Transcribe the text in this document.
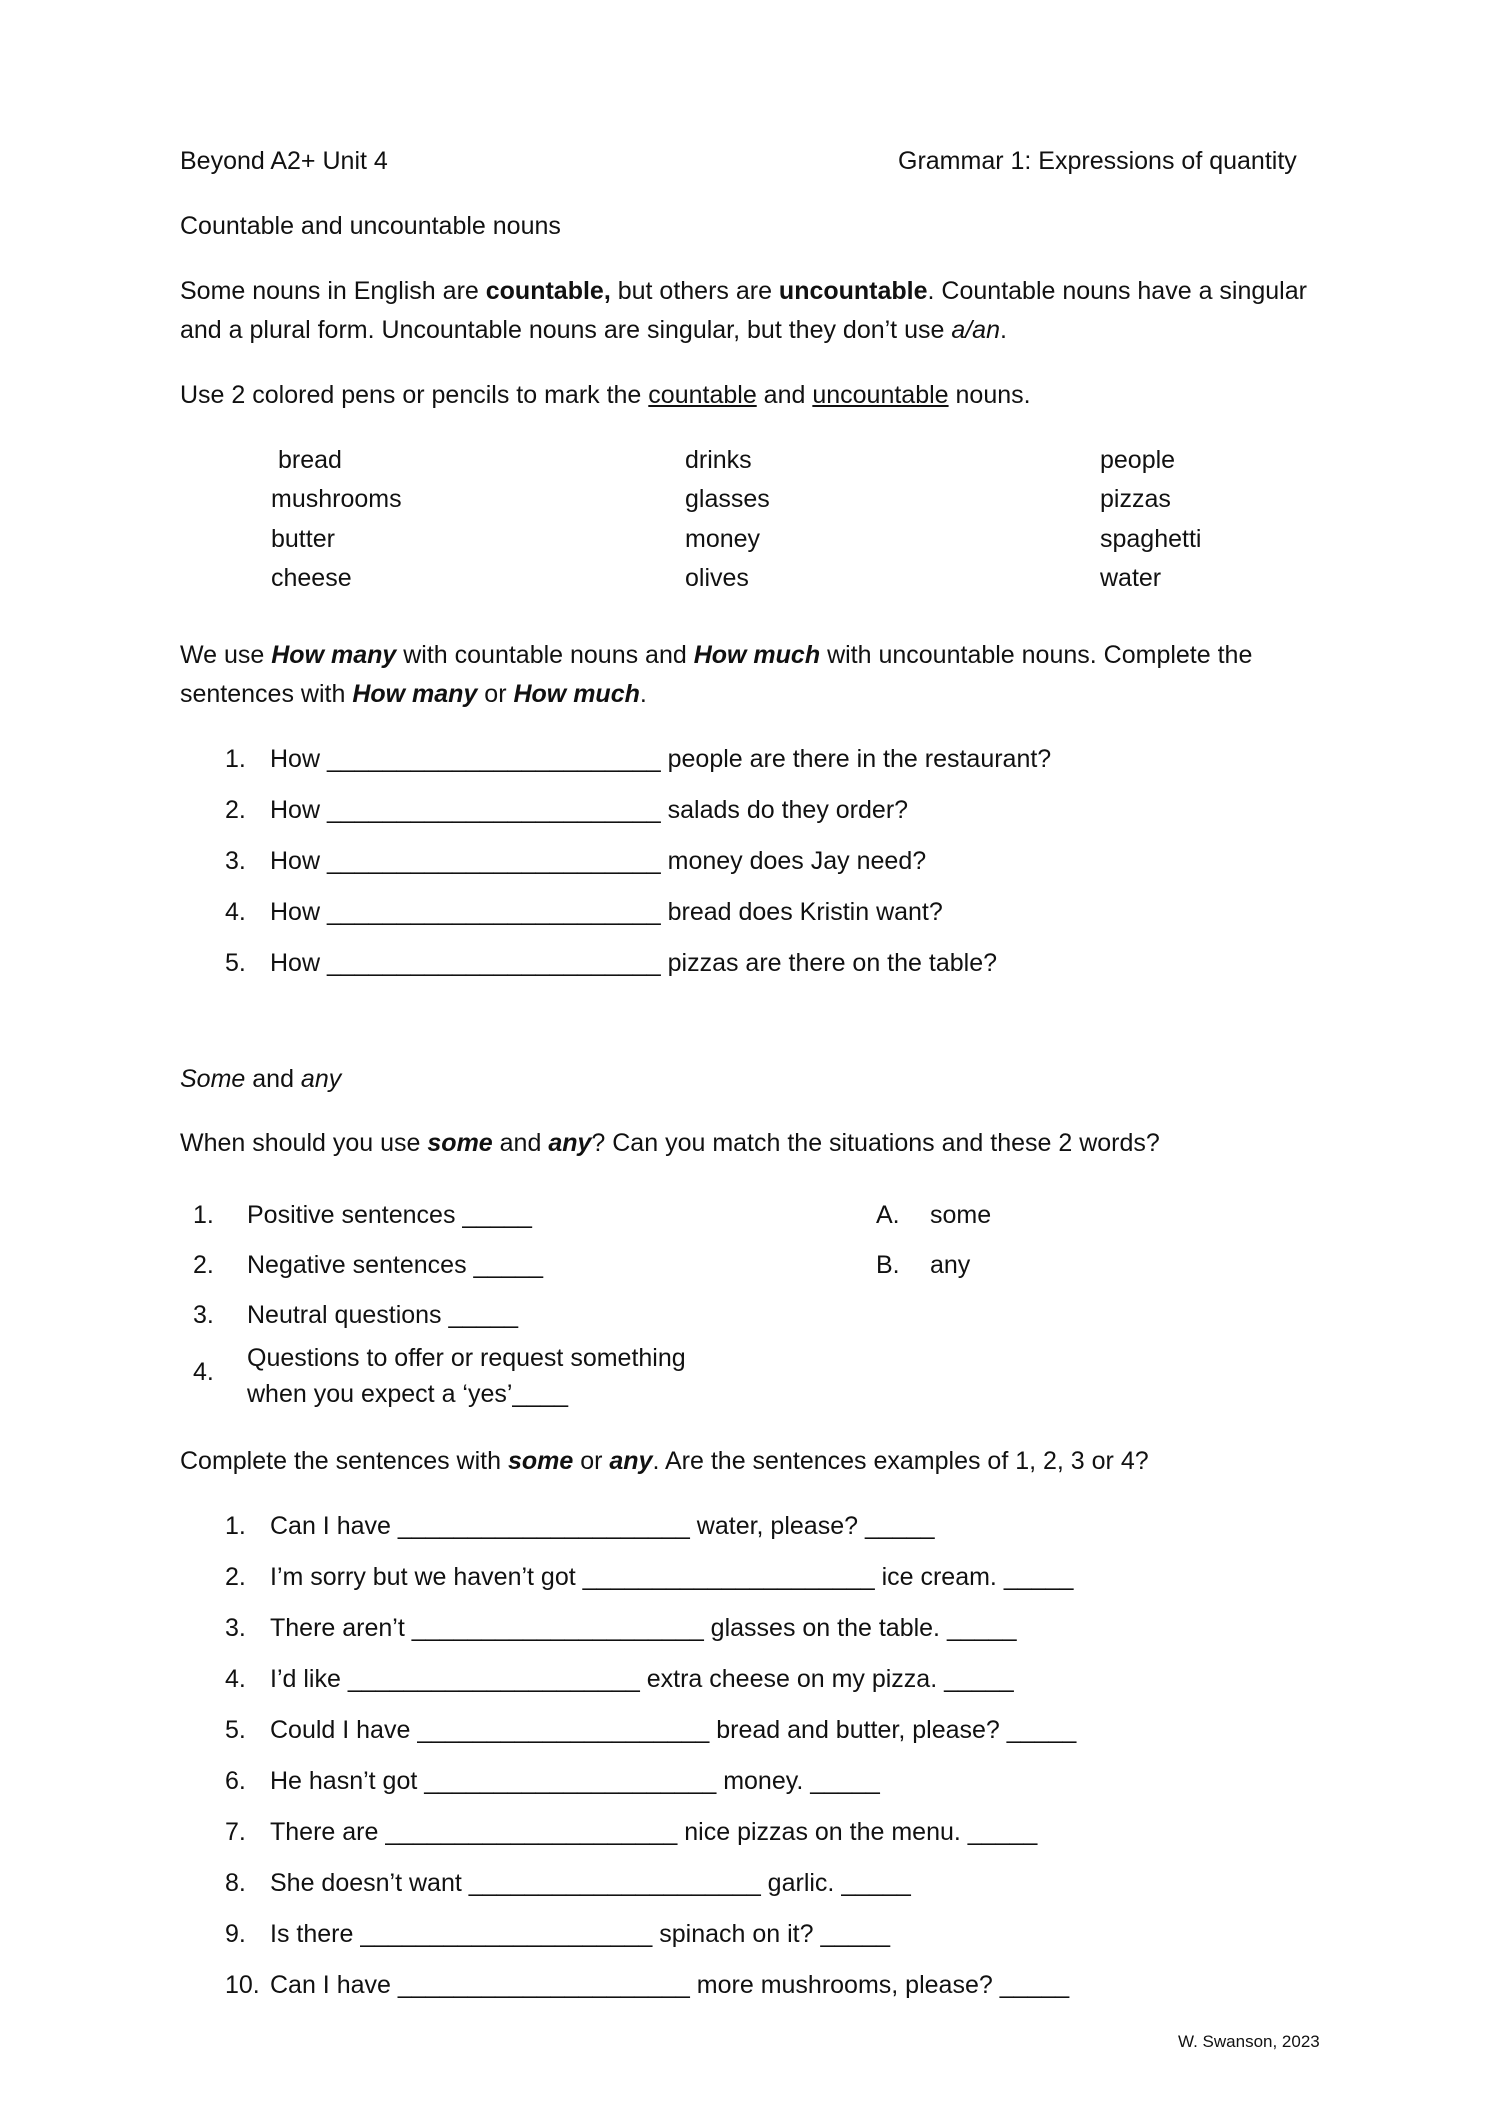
Beyond A2+ Unit 4	Grammar 1: Expressions of quantity
Countable and uncountable nouns
Some nouns in English are countable, but others are uncountable. Countable nouns have a singular
and a plural form. Uncountable nouns are singular, but they don’t use a/an.
Use 2 colored pens or pencils to mark the countable and uncountable nouns.
bread
mushrooms
butter
cheese
drinks
glasses
money
olives
people
pizzas
spaghetti
water
We use How many with countable nouns and How much with uncountable nouns. Complete the
sentences with How many or How much.
1. How ________________________ people are there in the restaurant?
2. How ________________________ salads do they order?
3. How ________________________ money does Jay need?
4. How ________________________ bread does Kristin want?
5. How ________________________ pizzas are there on the table?
Some and any
When should you use some and any? Can you match the situations and these 2 words?
1. Positive sentences _____
2. Negative sentences _____
3. Neutral questions _____
4. Questions to offer or request something
when you expect a ‘yes’____
A. some
B. any
Complete the sentences with some or any. Are the sentences examples of 1, 2, 3 or 4?
1. Can I have _____________________ water, please? _____
2. I’m sorry but we haven’t got _____________________ ice cream. _____
3. There aren’t _____________________ glasses on the table. _____
4. I’d like _____________________ extra cheese on my pizza. _____
5. Could I have _____________________ bread and butter, please? _____
6. He hasn’t got _____________________ money. _____
7. There are _____________________ nice pizzas on the menu. _____
8. She doesn’t want _____________________ garlic. _____
9. Is there _____________________ spinach on it? _____
10. Can I have _____________________ more mushrooms, please? _____
W. Swanson, 2023
